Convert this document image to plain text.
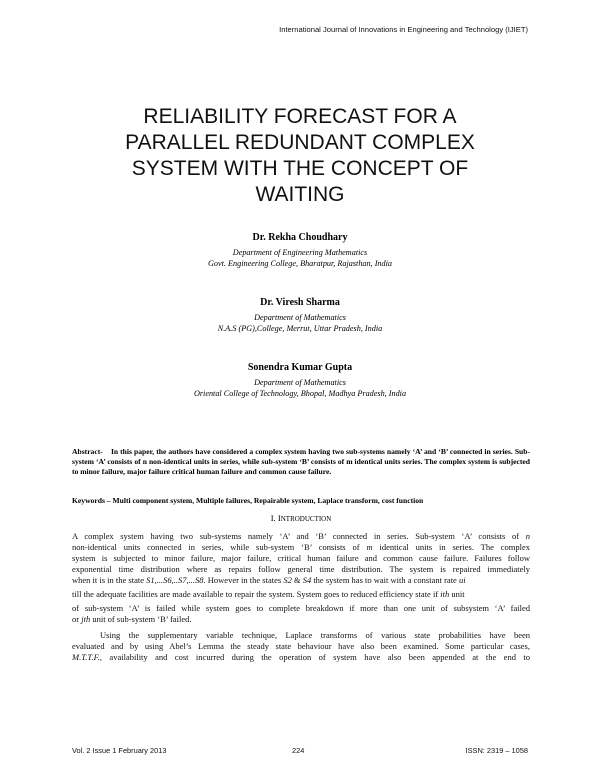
International Journal of Innovations in Engineering and Technology (IJIET)
RELIABILITY FORECAST FOR A
PARALLEL REDUNDANT COMPLEX
SYSTEM WITH THE CONCEPT OF
WAITING
Dr. Rekha Choudhary
Department of Engineering Mathematics
Govt. Engineering College, Bharatpur, Rajasthan, India
Dr. Viresh Sharma
Department of Mathematics
N.A.S (PG),College, Merrut, Uttar Pradesh, India
Sonendra Kumar Gupta
Department of Mathematics
Oriental College of Technology, Bhopal, Madhya Pradesh, India
Abstract- In this paper, the authors have considered a complex system having two sub-systems namely ‘A’ and ‘B’ connected in series. Sub-system ‘A’ consists of n non-identical units in series, while sub-system ‘B’ consists of m identical units series. The complex system is subjected to minor failure, major failure critical human failure and common cause failure.
Keywords – Multi component system, Multiple failures, Repairable system, Laplace transform, cost function
I. INTRODUCTION
A complex system having two sub-systems namely ‘A’ and ‘B’ connected in series. Sub-system ‘A’ consists of n
non-identical units connected in series, while sub-system ‘B’ consists of m identical units in series. The complex
system is subjected to minor failure, major failure, critical human failure and common cause failure. Failures follow
exponential time distribution where as repairs follow general time distribution. The system is repaired immediately
when it is in the state S1,...S6,..S7,...S8. However in the states S2 & S4 the system has to wait with a constant rate ui
till the adequate facilities are made available to repair the system. System goes to reduced efficiency state if ith unit
of sub-system ‘A’ is failed while system goes to complete breakdown if more than one unit of subsystem ‘A’ failed
or jth unit of sub-system ‘B’ failed.
Using the supplementary variable technique, Laplace transforms of various state probabilities have been
evaluated and by using Abel’s Lemma the steady state behaviour have also been examined. Some particular cases,
M.T.T.F., availability and cost incurred during the operation of system have also been appended at the end to
Vol. 2 Issue 1 February 2013	224	ISSN: 2319 – 1058
